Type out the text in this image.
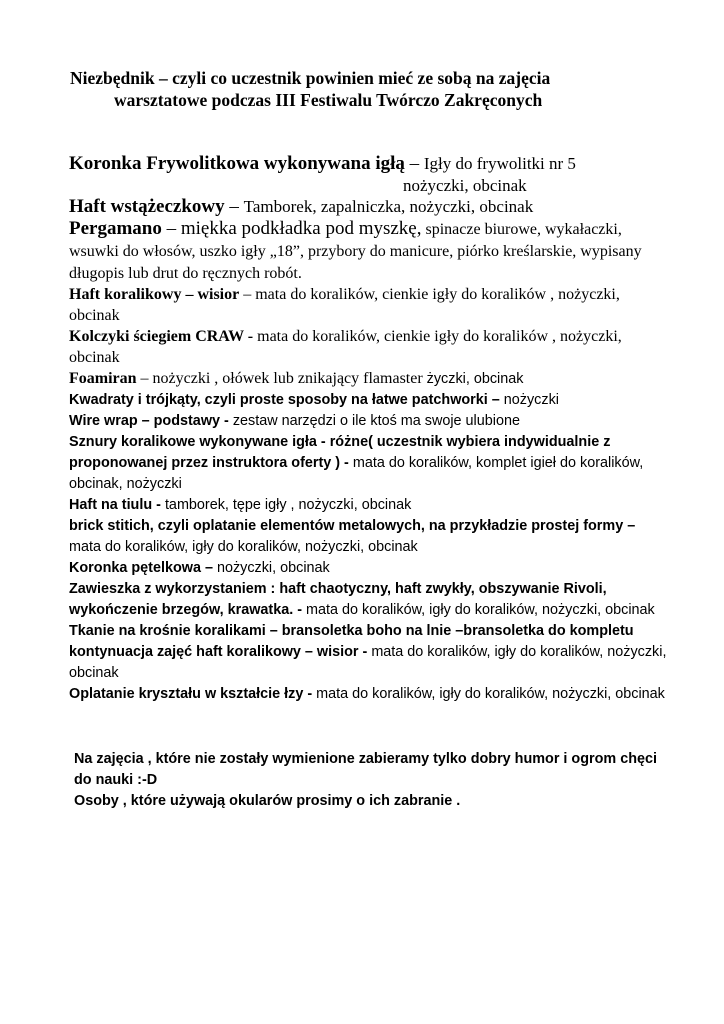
Niezbędnik – czyli co uczestnik powinien mieć ze sobą na zajęcia
warsztatowe podczas III Festiwalu Twórczo Zakręconych

Koronka Frywolitkowa wykonywana igłą – Igły do frywolitki nr 5
nożyczki, obcinak

Haft wstążeczkowy – Tamborek, zapalniczka, nożyczki, obcinak

Pergamano – miękka podkładka pod myszkę, spinacze biurowe, wykałaczki, wsuwki do włosów, uszko igły „18”, przybory do manicure, piórko kreślarskie, wypisany długopis lub drut do ręcznych robót.

Haft koralikowy – wisior – mata do koralików, cienkie igły do koralików , nożyczki, obcinak

Kolczyki ściegiem CRAW - mata do koralików, cienkie igły do koralików , nożyczki, obcinak

Foamiran – nożyczki , ołówek lub znikający flamaster życzki, obcinak

Kwadraty i trójkąty, czyli proste sposoby na łatwe patchworki – nożyczki

Wire wrap – podstawy - zestaw narzędzi o ile ktoś ma swoje ulubione

Sznury koralikowe wykonywane igła - różne( uczestnik wybiera indywidualnie z proponowanej przez instruktora oferty ) - mata do koralików, komplet igieł do koralików, obcinak, nożyczki

Haft na tiulu - tamborek, tępe igły , nożyczki, obcinak

brick stitich, czyli oplatanie elementów metalowych, na przykładzie prostej formy – mata do koralików, igły do koralików, nożyczki, obcinak

Koronka pętelkowa – nożyczki, obcinak

Zawieszka z wykorzystaniem : haft chaotyczny, haft zwykły, obszywanie Rivoli, wykończenie brzegów, krawatka. - mata do koralików, igły do koralików, nożyczki, obcinak

Tkanie na krośnie koralikami – bransoletka boho na lnie –bransoletka do kompletu kontynuacja zajęć haft koralikowy – wisior - mata do koralików, igły do koralików, nożyczki, obcinak

Oplatanie kryształu w kształcie łzy - mata do koralików, igły do koralików, nożyczki, obcinak

Na zajęcia , które nie zostały wymienione zabieramy tylko dobry humor i ogrom chęci do nauki :-D

Osoby , które używają okularów prosimy o ich zabranie .
